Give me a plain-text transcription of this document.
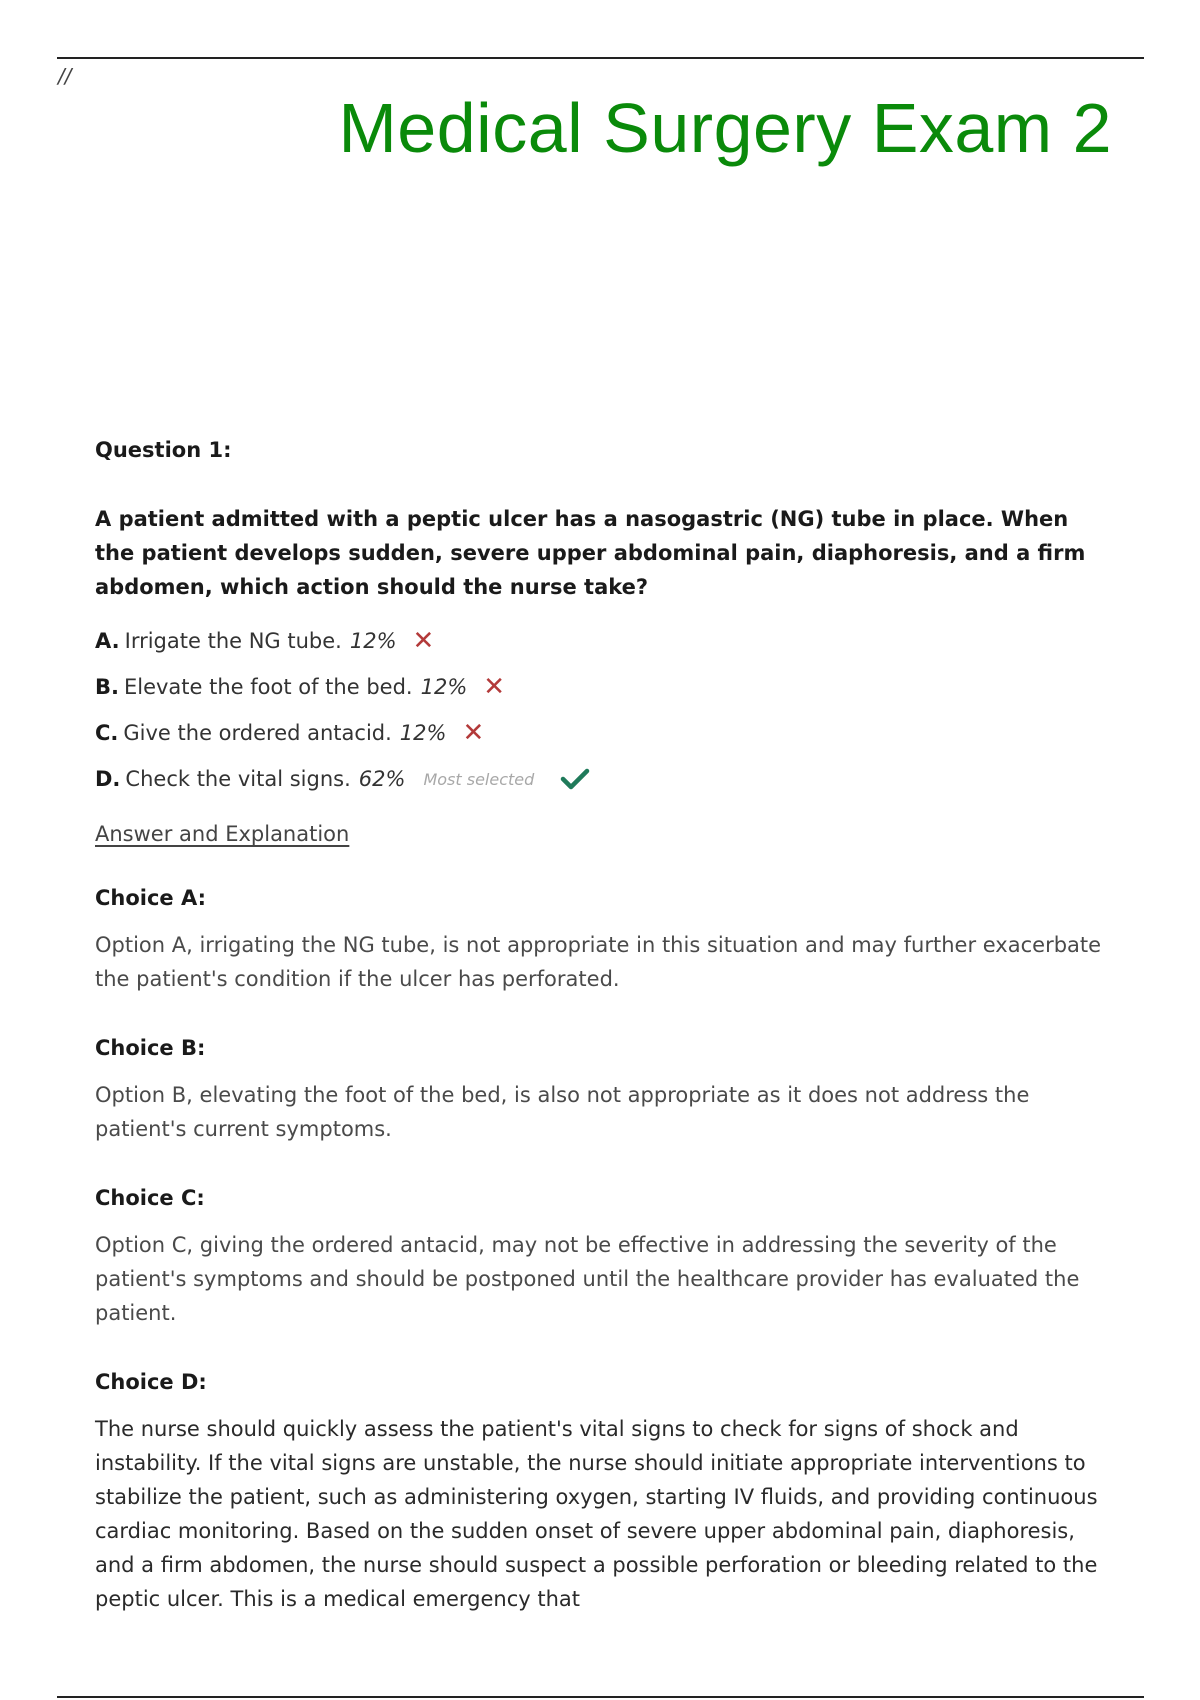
//
Medical Surgery Exam 2
Question 1:

A patient admitted with a peptic ulcer has a nasogastric (NG) tube in place. When the patient develops sudden, severe upper abdominal pain, diaphoresis, and a firm abdomen, which action should the nurse take?

A. Irrigate the NG tube. 12% ✕
B. Elevate the foot of the bed. 12% ✕
C. Give the ordered antacid. 12% ✕
D. Check the vital signs. 62% Most selected
Answer and Explanation
Choice A:

Option A, irrigating the NG tube, is not appropriate in this situation and may further exacerbate the patient's condition if the ulcer has perforated.

Choice B:

Option B, elevating the foot of the bed, is also not appropriate as it does not address the patient's current symptoms.

Choice C:

Option C, giving the ordered antacid, may not be effective in addressing the severity of the patient's symptoms and should be postponed until the healthcare provider has evaluated the patient.

Choice D:

The nurse should quickly assess the patient's vital signs to check for signs of shock and instability. If the vital signs are unstable, the nurse should initiate appropriate interventions to stabilize the patient, such as administering oxygen, starting IV fluids, and providing continuous cardiac monitoring. Based on the sudden onset of severe upper abdominal pain, diaphoresis, and a firm abdomen, the nurse should suspect a possible perforation or bleeding related to the peptic ulcer. This is a medical emergency that
